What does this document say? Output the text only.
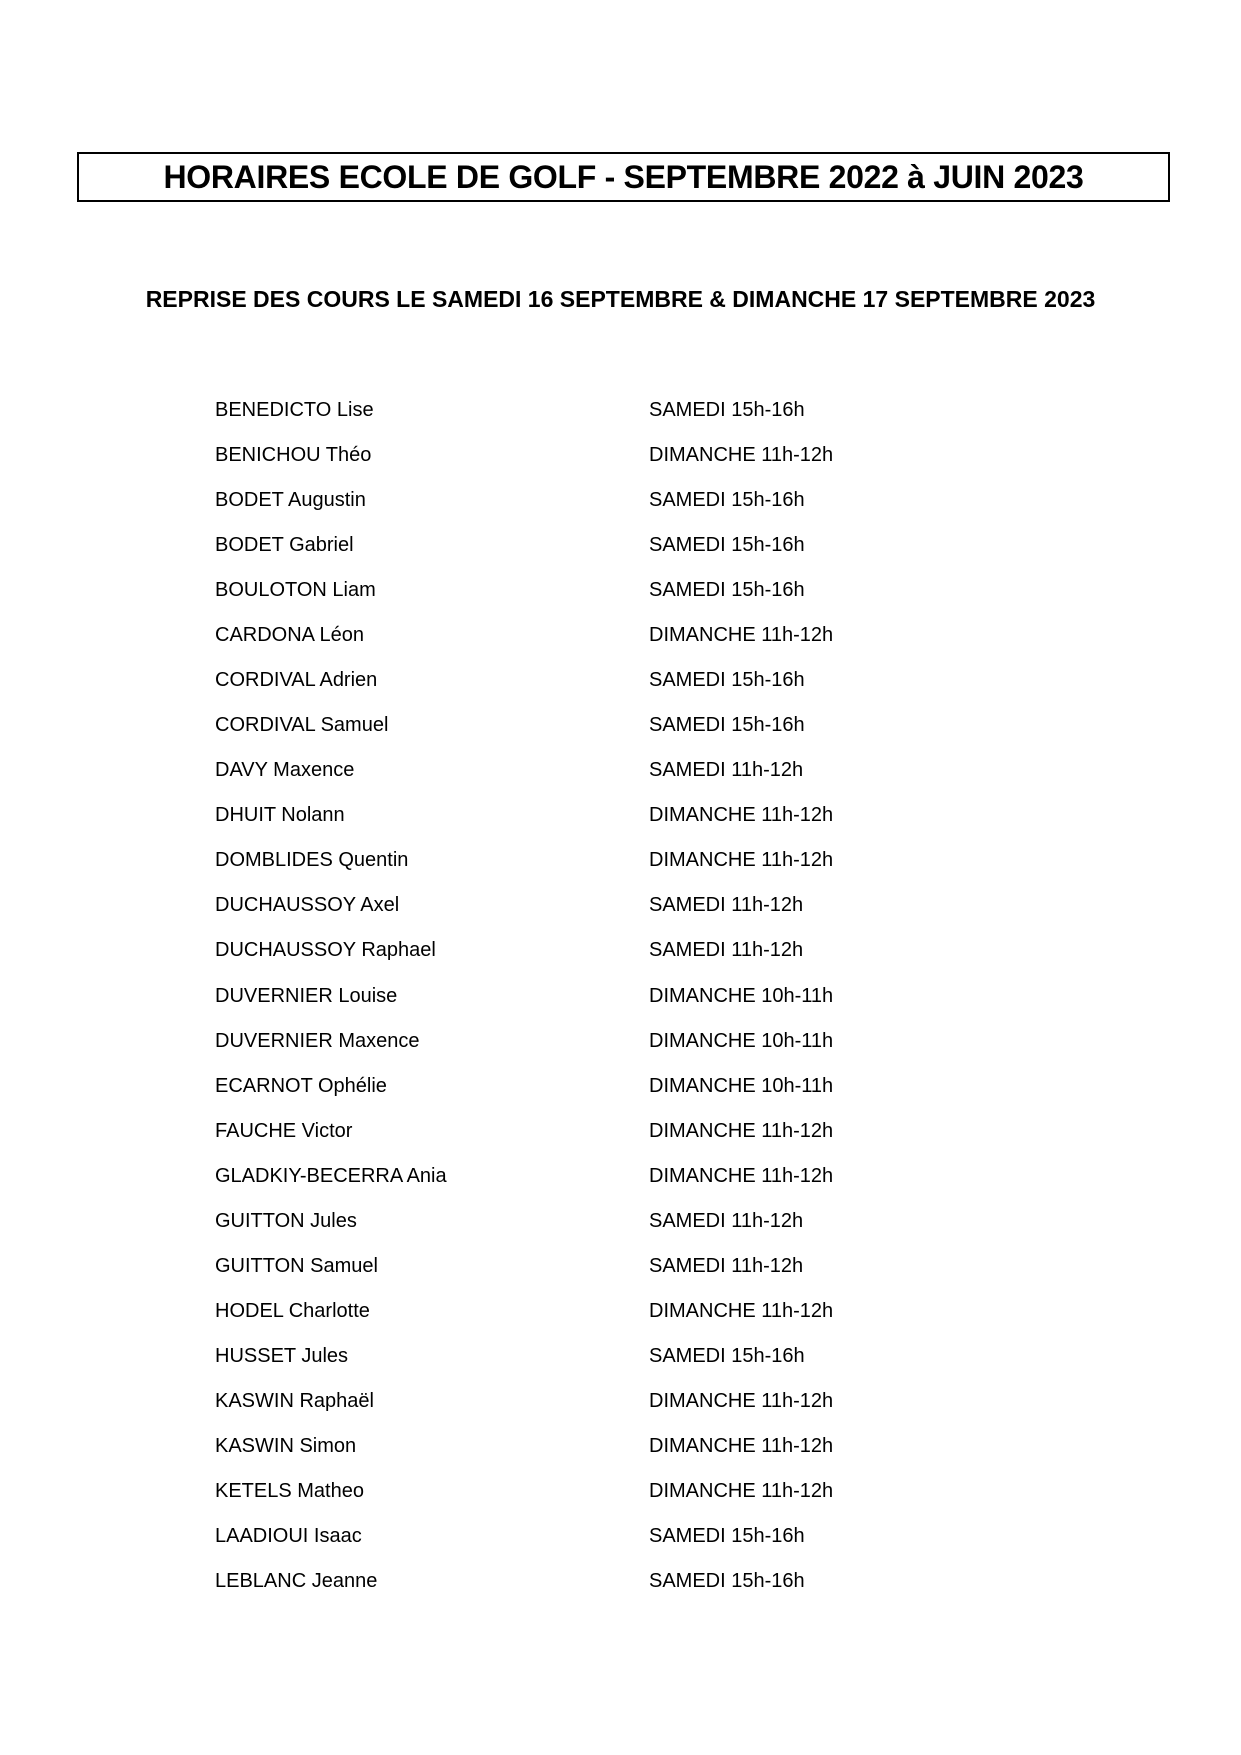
HORAIRES ECOLE DE GOLF - SEPTEMBRE 2022 à JUIN 2023
REPRISE DES COURS LE SAMEDI 16 SEPTEMBRE & DIMANCHE 17 SEPTEMBRE 2023
BENEDICTO Lise	SAMEDI 15h-16h
BENICHOU Théo	DIMANCHE 11h-12h
BODET Augustin	SAMEDI 15h-16h
BODET Gabriel	SAMEDI 15h-16h
BOULOTON Liam	SAMEDI 15h-16h
CARDONA Léon	DIMANCHE 11h-12h
CORDIVAL Adrien	SAMEDI 15h-16h
CORDIVAL Samuel	SAMEDI 15h-16h
DAVY Maxence	SAMEDI 11h-12h
DHUIT Nolann	DIMANCHE 11h-12h
DOMBLIDES Quentin	DIMANCHE 11h-12h
DUCHAUSSOY Axel	SAMEDI 11h-12h
DUCHAUSSOY Raphael	SAMEDI 11h-12h
DUVERNIER Louise	DIMANCHE 10h-11h
DUVERNIER Maxence	DIMANCHE 10h-11h
ECARNOT Ophélie	DIMANCHE 10h-11h
FAUCHE Victor	DIMANCHE 11h-12h
GLADKIY-BECERRA Ania	DIMANCHE 11h-12h
GUITTON Jules	SAMEDI 11h-12h
GUITTON Samuel	SAMEDI 11h-12h
HODEL Charlotte	DIMANCHE 11h-12h
HUSSET Jules	SAMEDI 15h-16h
KASWIN Raphaël	DIMANCHE 11h-12h
KASWIN Simon	DIMANCHE 11h-12h
KETELS Matheo	DIMANCHE 11h-12h
LAADIOUI Isaac	SAMEDI 15h-16h
LEBLANC Jeanne	SAMEDI 15h-16h
